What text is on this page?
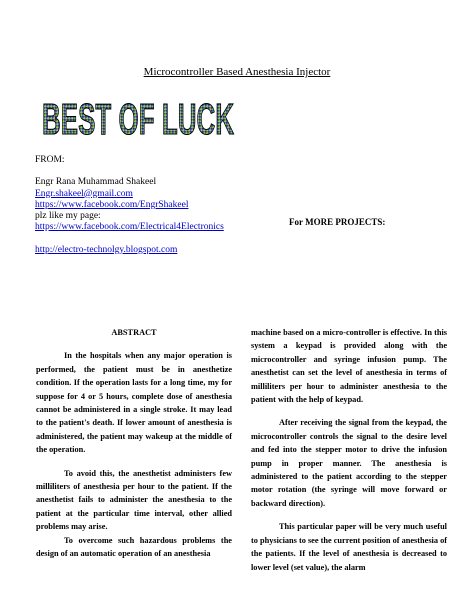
Microcontroller Based Anesthesia Injector
BEST OF LUCK
FROM:
Engr Rana Muhammad Shakeel
Engr.shakeel@gmail.com
https://www.facebook.com/EngrShakeel
plz like my page:
https://www.facebook.com/Electrical4Electronics
http://electro-technolgy.blogspot.com
For MORE PROJECTS:
ABSTRACT

In the hospitals when any major operation is performed, the patient must be in anesthetize condition. If the operation lasts for a long time, my for suppose for 4 or 5 hours, complete dose of anesthesia cannot be administered in a single stroke. It may lead to the patient's death. If lower amount of anesthesia is administered, the patient may wakeup at the middle of the operation.

To avoid this, the anesthetist administers few milliliters of anesthesia per hour to the patient. If the anesthetist fails to administer the anesthesia to the patient at the particular time interval, other allied problems may arise.

To overcome such hazardous problems the design of an automatic operation of an anesthesia

machine based on a micro-controller is effective. In this system a keypad is provided along with the microcontroller and syringe infusion pump. The anesthetist can set the level of anesthesia in terms of milliliters per hour to administer anesthesia to the patient with the help of keypad.

After receiving the signal from the keypad, the microcontroller controls the signal to the desire level and fed into the stepper motor to drive the infusion pump in proper manner. The anesthesia is administered to the patient according to the stepper motor rotation (the syringe will move forward or backward direction).

This particular paper will be very much useful to physicians to see the current position of anesthesia of the patients. If the level of anesthesia is decreased to lower level (set value), the alarm
